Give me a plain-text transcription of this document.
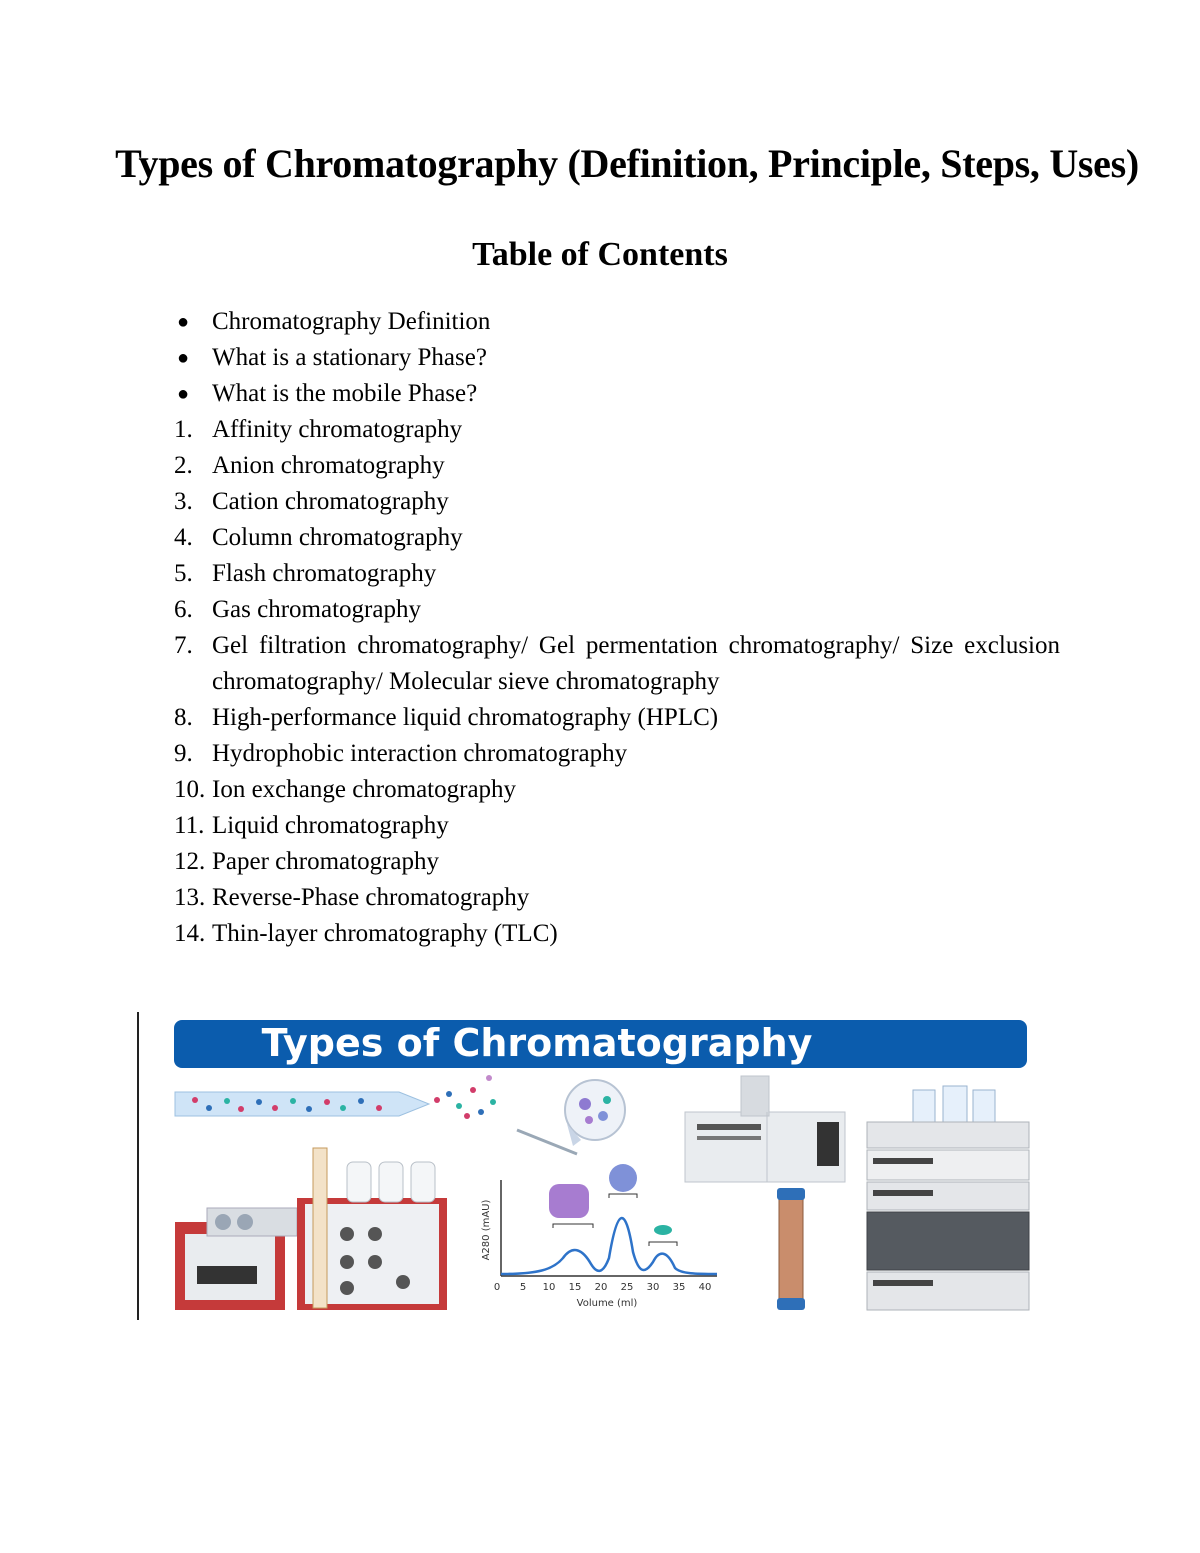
Types of Chromatography (Definition, Principle, Steps, Uses)
Table of Contents
● Chromatography Definition
● What is a stationary Phase?
● What is the mobile Phase?
1. Affinity chromatography
2. Anion chromatography
3. Cation chromatography
4. Column chromatography
5. Flash chromatography
6. Gas chromatography
7. Gel filtration chromatography/ Gel permentation chromatography/ Size exclusion chromatography/ Molecular sieve chromatography
8. High-performance liquid chromatography (HPLC)
9. Hydrophobic interaction chromatography
10. Ion exchange chromatography
11. Liquid chromatography
12. Paper chromatography
13. Reverse-Phase chromatography
14. Thin-layer chromatography (TLC)
Types of Chromatography
A280 (mAU)
0 5 10 15 20 25 30 35 40
Volume (ml)
